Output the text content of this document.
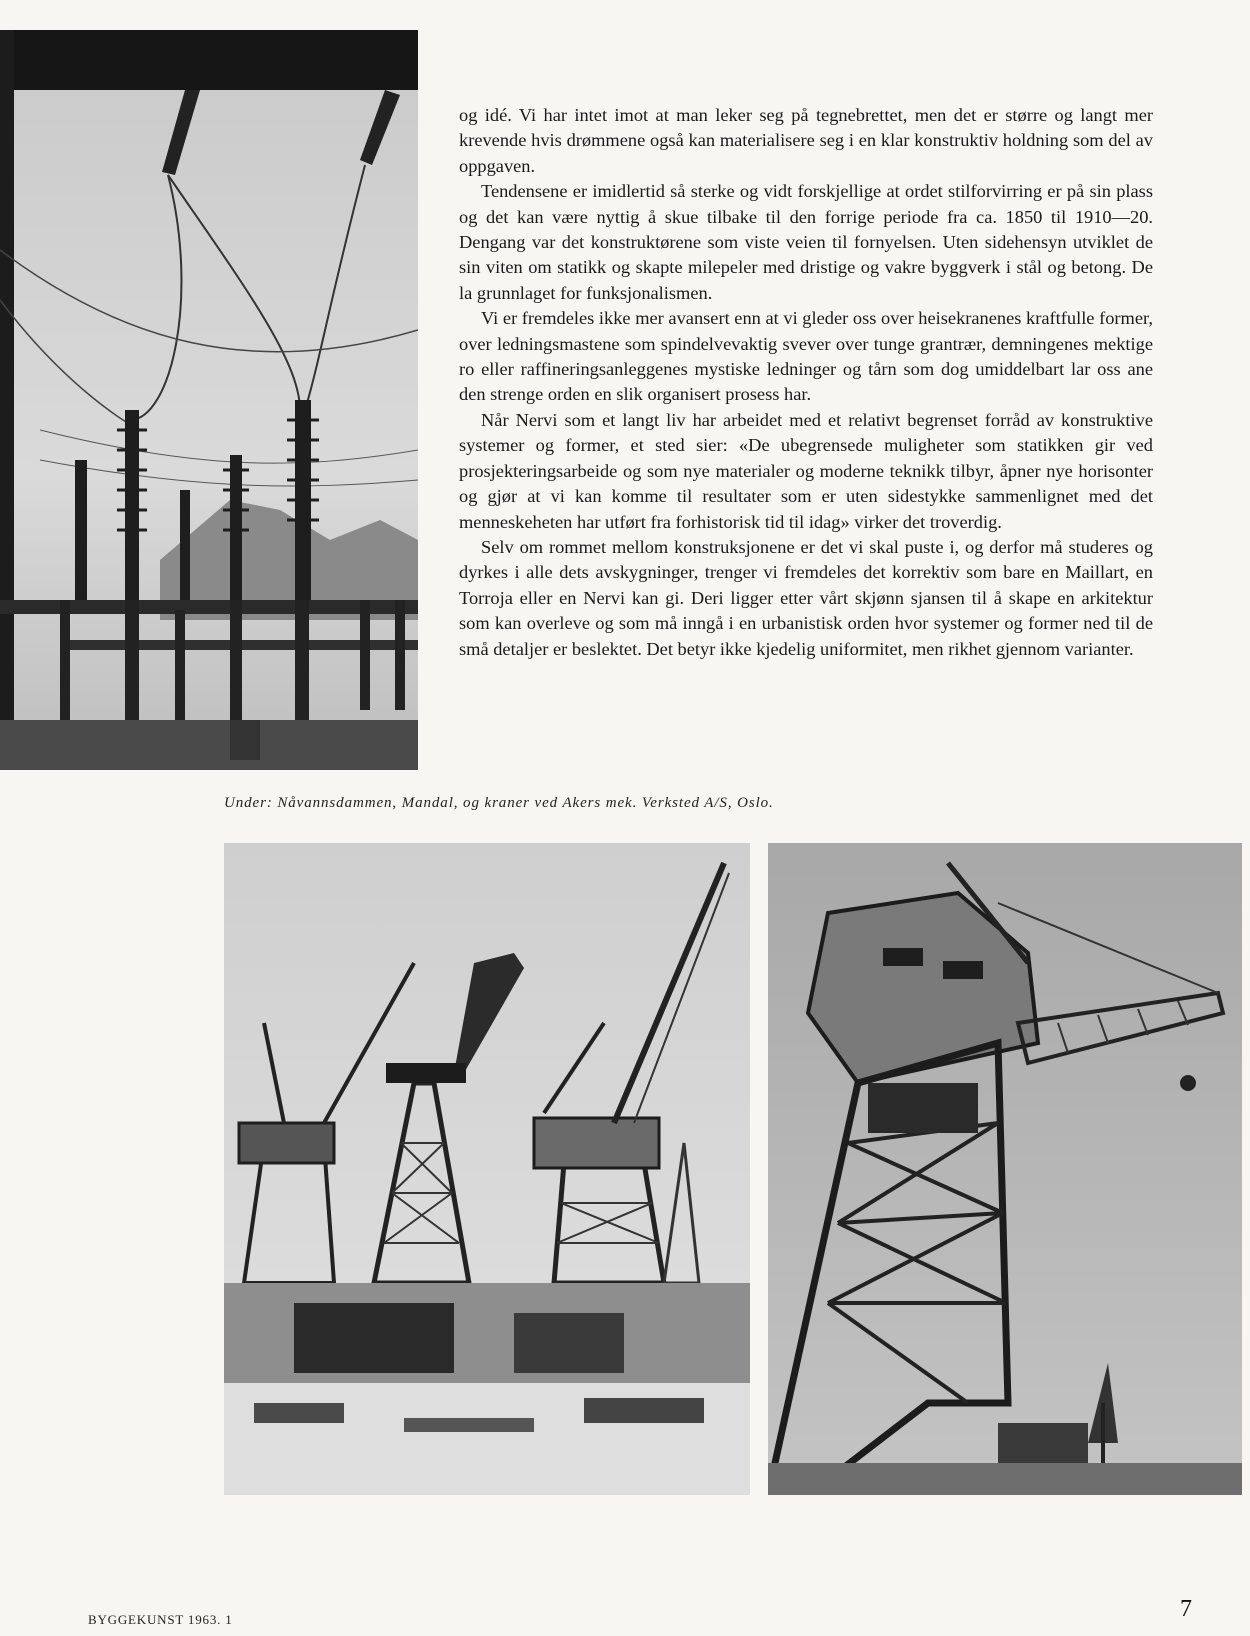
og idé. Vi har intet imot at man leker seg på tegnebrettet, men det er større og langt mer krevende hvis drømmene også kan materialisere seg i en klar konstruktiv holdning som del av oppgaven.

Tendensene er imidlertid så sterke og vidt forskjellige at ordet stilforvirring er på sin plass og det kan være nyttig å skue tilbake til den forrige periode fra ca. 1850 til 1910—20. Dengang var det konstruktørene som viste veien til fornyelsen. Uten sidehensyn utviklet de sin viten om statikk og skapte milepeler med dristige og vakre byggverk i stål og betong. De la grunnlaget for funksjonalismen.

Vi er fremdeles ikke mer avansert enn at vi gleder oss over heisekranenes kraftfulle former, over ledningsmastene som spindelvevaktig svever over tunge grantrær, demningenes mektige ro eller raffineringsanleggenes mystiske ledninger og tårn som dog umiddelbart lar oss ane den strenge orden en slik organisert prosess har.

Når Nervi som et langt liv har arbeidet med et relativt begrenset forråd av konstruktive systemer og former, et sted sier: «De ubegrensede muligheter som statikken gir ved prosjekteringsarbeide og som nye materialer og moderne teknikk tilbyr, åpner nye horisonter og gjør at vi kan komme til resultater som er uten sidestykke sammenlignet med det menneskeheten har utført fra forhistorisk tid til idag» virker det troverdig.

Selv om rommet mellom konstruksjonene er det vi skal puste i, og derfor må studeres og dyrkes i alle dets avskygninger, trenger vi fremdeles det korrektiv som bare en Maillart, en Torroja eller en Nervi kan gi. Deri ligger etter vårt skjønn sjansen til å skape en arkitektur som kan overleve og som må inngå i en urbanistisk orden hvor systemer og former ned til de små detaljer er beslektet. Det betyr ikke kjedelig uniformitet, men rikhet gjennom varianter.

Under: Nåvannsdammen, Mandal, og kraner ved Akers mek. Verksted A/S, Oslo.
BYGGEKUNST 1963. 1	7
